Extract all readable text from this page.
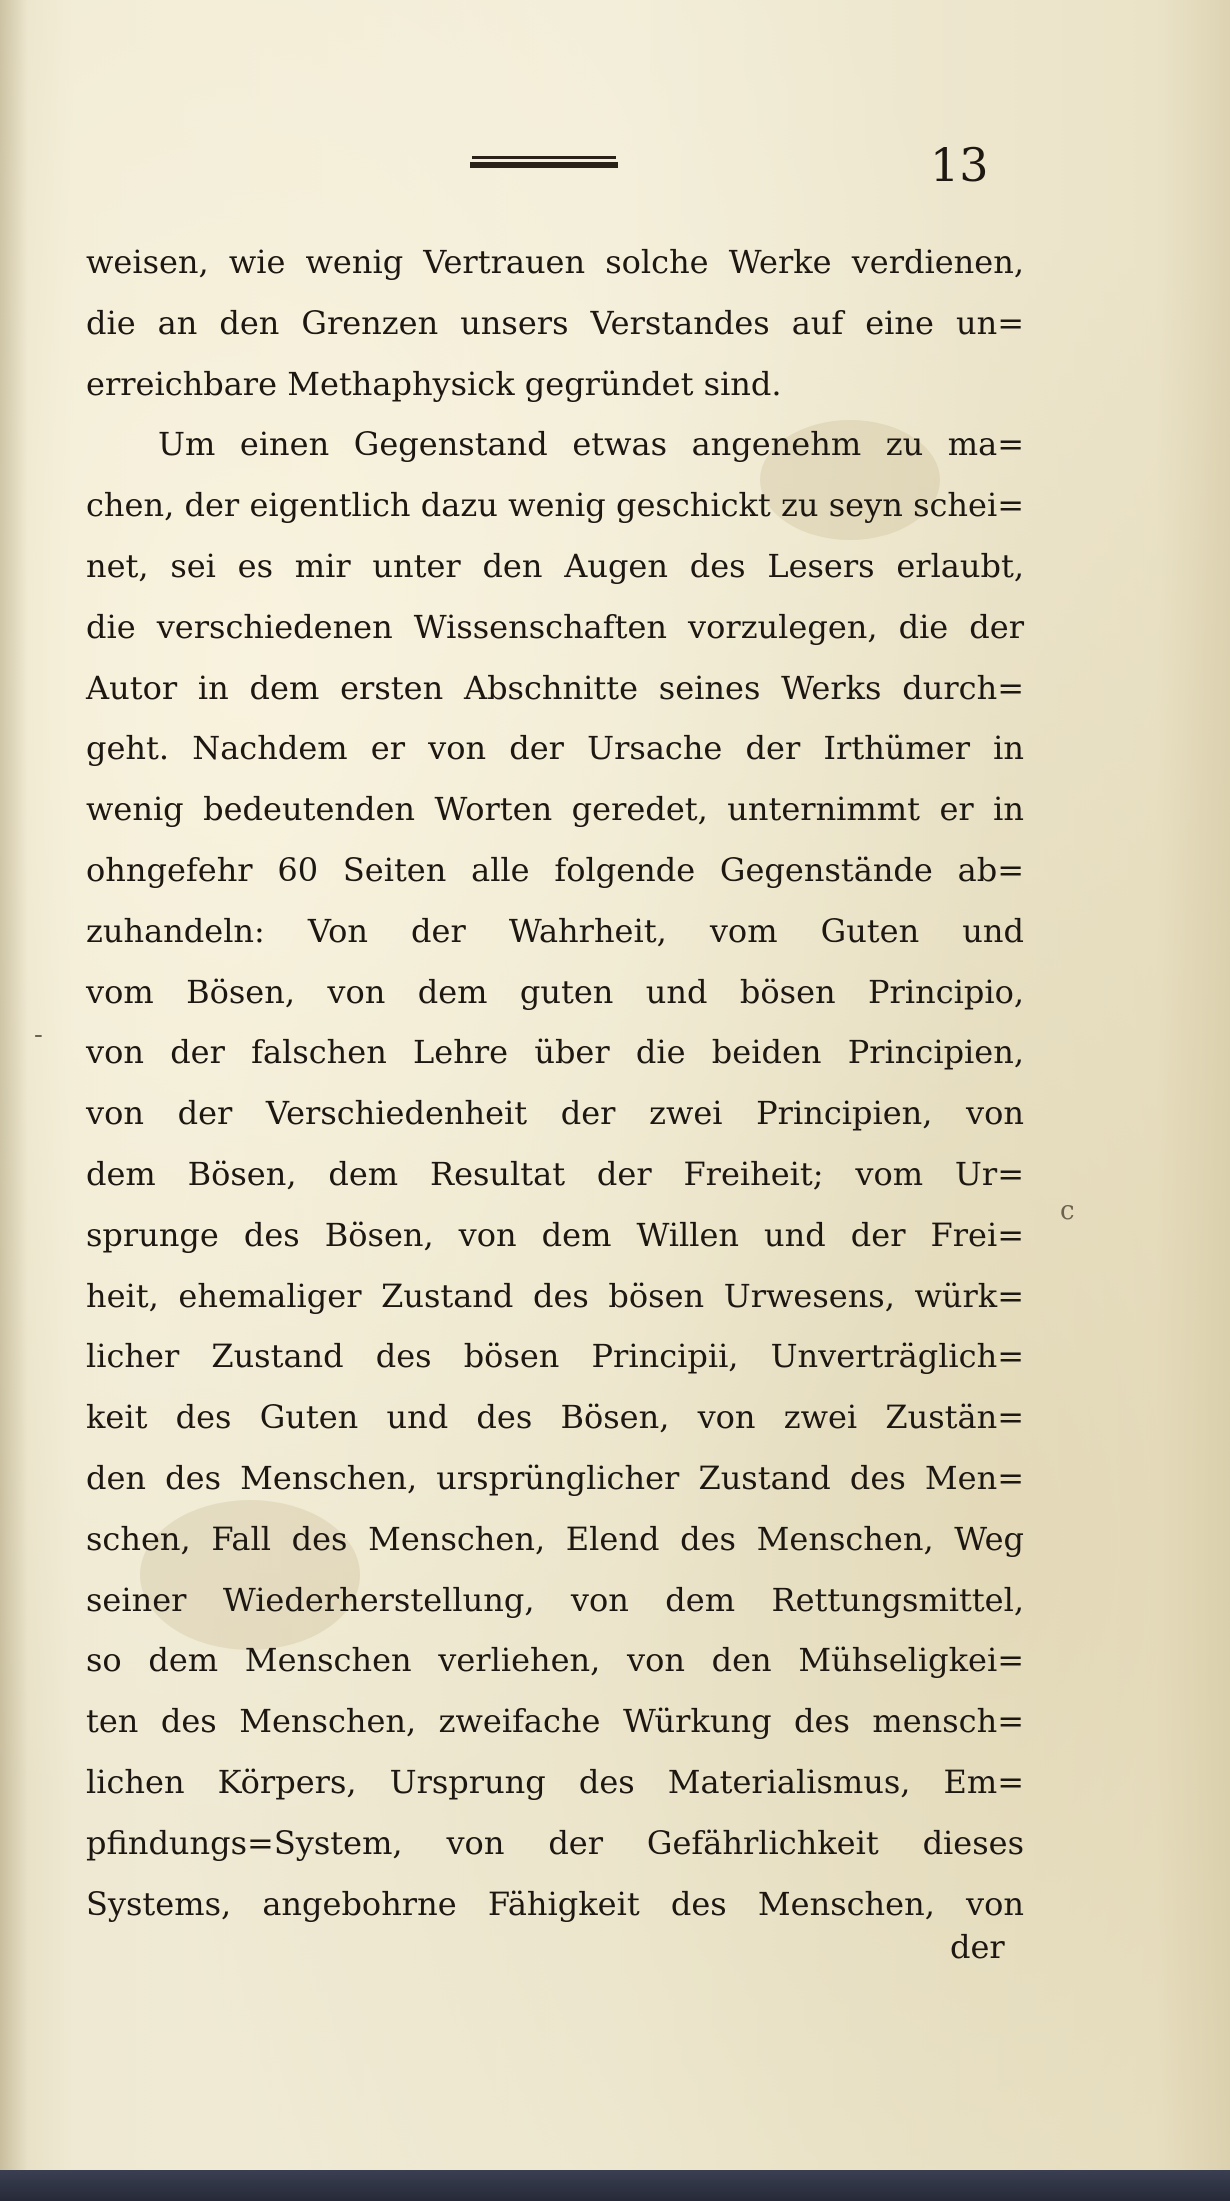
13
weisen, wie wenig Vertrauen solche Werke verdienen,
die an den Grenzen unsers Verstandes auf eine un=
erreichbare Methaphysick gegründet sind.
Um einen Gegenstand etwas angenehm zu ma=
chen, der eigentlich dazu wenig geschickt zu seyn schei=
net, sei es mir unter den Augen des Lesers erlaubt,
die verschiedenen Wissenschaften vorzulegen, die der
Autor in dem ersten Abschnitte seines Werks durch=
geht. Nachdem er von der Ursache der Irthümer in
wenig bedeutenden Worten geredet, unternimmt er in
ohngefehr 60 Seiten alle folgende Gegenstände ab=
zuhandeln: Von der Wahrheit, vom Guten und
vom Bösen, von dem guten und bösen Principio,
von der falschen Lehre über die beiden Principien,
von der Verschiedenheit der zwei Principien, von
dem Bösen, dem Resultat der Freiheit; vom Ur=
sprunge des Bösen, von dem Willen und der Frei=
heit, ehemaliger Zustand des bösen Urwesens, würk=
licher Zustand des bösen Principii, Unverträglich=
keit des Guten und des Bösen, von zwei Zustän=
den des Menschen, ursprünglicher Zustand des Men=
schen, Fall des Menschen, Elend des Menschen, Weg
seiner Wiederherstellung, von dem Rettungsmittel,
so dem Menschen verliehen, von den Mühseligkei=
ten des Menschen, zweifache Würkung des mensch=
lichen Körpers, Ursprung des Materialismus, Em=
pfindungs=System, von der Gefährlichkeit dieses
Systems, angebohrne Fähigkeit des Menschen, von
-
c
der
